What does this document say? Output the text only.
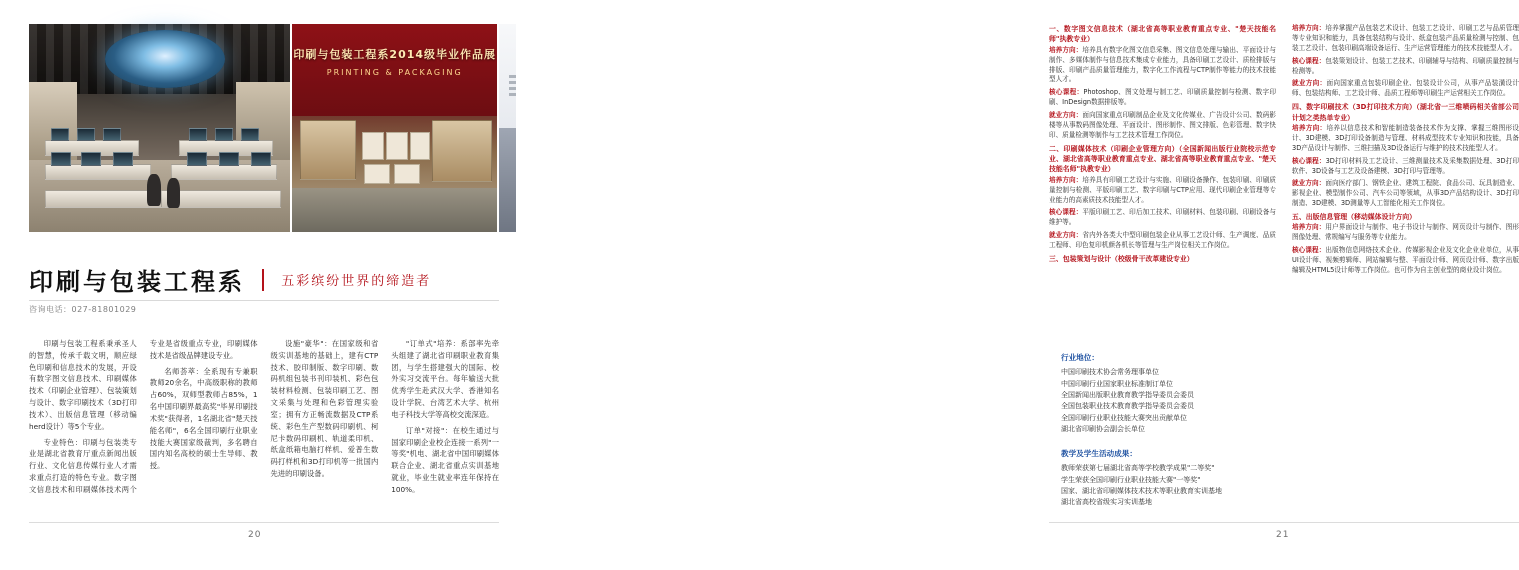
印刷与包装工程系2014级毕业作品展
PRINTING & PACKAGING
印刷与包装工程系	五彩缤纷世界的缔造者
咨询电话：027-81801029

印刷与包装工程系秉承圣人的智慧，传承千载文明，顺应绿色印刷和信息技术的发展，开设有数字图文信息技术、印刷媒体技术（印刷企业管理）、包装策划与设计、数字印刷技术（3D打印技术）、出版信息管理（移动编herd设计）等5个专业。

专业特色：印刷与包装类专业是湖北省教育厅重点新闻出版行业、文化信息传媒行业人才需求重点打造的特色专业。数字图文信息技术和印刷媒体技术两个专业是省级重点专业，印刷媒体技术是省级品牌建设专业。

名师荟萃：全系现有专兼职教师20余名，中高级职称的教师占60%，双师型教师占85%，1名中国印刷界最高奖"毕昇印刷技术奖"获得者，1名湖北省"楚天技能名师"，6名全国印刷行业职业技能大赛国家级裁判，多名聘自国内知名高校的硕士生导师、教授。

设施"豪华"：在国家级和省级实训基地的基础上，建有CTP技术、胶印制版、数字印刷、数码机组包装书刊印装机、彩色包装材料检测、包装印刷工艺、图文采集与处理和色彩管理实验室；拥有方正畅流数据及CTP系统、彩色生产型数码印刷机、柯尼卡数码印刷机、轨道柔印机、纸盒纸箱电脑打样机、爱普生数码打样机和3D打印机等一批国内先进的印刷设备。

"订单式"培养：系部率先牵头组建了湖北省印刷职业教育集团，与学生搭建强大的国际、校外实习交流平台。每年输送大批优秀学生赴武汉大学、香港知名设计学院、台湾艺术大学、杭州电子科技大学等高校交流深造。

订单"对接"：在校生通过与国家印刷企业校企连接一系列"一等奖"机电、湖北省中国印刷媒体联合企业、湖北省重点实训基地就业，毕业生就业率连年保持在100%。

20
一、数字图文信息技术（湖北省高等职业教育重点专业、"楚天技能名师"执教专业）

培养方向：培养具有数字化图文信息采集、图文信息处理与输出、平面设计与制作、多媒体制作与信息技术集成专业能力，具备印刷工艺设计、质检排版与排版、印刷产品质量管理能力，数字化工作流程与CTP制作等能力的技术技能型人才。

核心课程：Photoshop、图文处理与制工艺、印刷质量控制与检测、数字印刷、InDesign数据排版等。

就业方向：面向国家重点印刷制品企业及文化传媒业、广告设计公司、数码影楼等从事数码图像处理、平面设计、图形制作、图文排版、色彩管理、数字快印、质量检测等制作与工艺技术管理工作岗位。

二、印刷媒体技术（印刷企业管理方向）（全国新闻出版行业院校示范专业、湖北省高等职业教育重点专业、湖北省高等职业教育重点专业、"楚天技能名师"执教专业）

培养方向：培养具有印刷工艺设计与实施、印刷设备操作、包装印刷、印刷质量控制与检测、平版印刷工艺、数字印刷与CTP应用、现代印刷企业管理等专业能力的高素质技术技能型人才。

核心课程：平版印刷工艺、印后加工技术、印刷材料、包装印刷、印刷设备与维护等。

就业方向：省内外各类大中型印刷包装企业从事工艺设计师、生产调度、品质工程师、印色复印机颜各机长等管理与生产岗位相关工作岗位。

三、包装策划与设计（校级骨干改革建设专业）

培养方向：培养掌握产品包装艺术设计、包装工艺设计、印刷工艺与品质管理等专业知识和能力，具备包装结构与设计、纸盒包装产品质量检测与控制、包装工艺设计、包装印刷高端设备运行、生产运营管理能力的技术技能型人才。

核心课程：包装策划设计、包装工艺技术、印刷辅导与结构、印刷质量控制与检测等。

就业方向：面向国家重点包装印刷企业、包装设计公司，从事产品装潢设计师、包装结构师、工艺设计师、品质工程师等印刷生产运营相关工作岗位。

四、数字印刷技术（3D打印技术方向）（湖北省一三维喷码相关省部公司计划之类热单专业）

培养方向：培养以信息技术和智能制造装备技术作为支撑、掌握三维图形设计、3D建模、3D打印设备制造与管理、材料成型技术专业知识和技能，具备3D产品设计与制作、三维扫描及3D设备运行与维护的技术技能型人才。

核心课程：3D打印材料及工艺设计、三维测量技术及采集数据处理、3D打印软件、3D设备与工艺及设备建模、3D打印与管理等。

就业方向：面向医疗部门、钢铁企业、建筑工程院、食品公司、玩具制造业、影视企业、模型制作公司、汽车公司等领域，从事3D产品结构设计、3D打印制造、3D建模、3D测量等人工智能化相关工作岗位。

五、出版信息管理（移动媒体设计方向）

培养方向：用户界面设计与制作、电子书设计与制作、网页设计与制作、图形图像处理、常规编写与服务等专业能力。

核心课程：出版物信息网络技术企业、传媒影视企业及文化企业业单位，从事UI设计师、视频剪辑师、网站编辑与整、平面设计师、网页设计师、数字出版编辑及HTML5设计师等工作岗位。也可作为自主创业型的商业设计岗位。

行业地位：

中国印刷技术协会常务理事单位

中国印刷行业国家职业标准制订单位

全国新闻出版职业教育教学指导委员会委员

全国包装职业技术教育教学指导委员会委员

全国印刷行业职业技能大赛突出贡献单位

湖北省印刷协会副会长单位

教学及学生活动成果：

教师荣获第七届湖北省高等学校教学成果"二等奖"

学生荣获全国印刷行业职业技能大赛"一等奖"

国家、湖北省印刷媒体技术技术等职业教育实训基地

湖北省高校省级实习实训基地

21
